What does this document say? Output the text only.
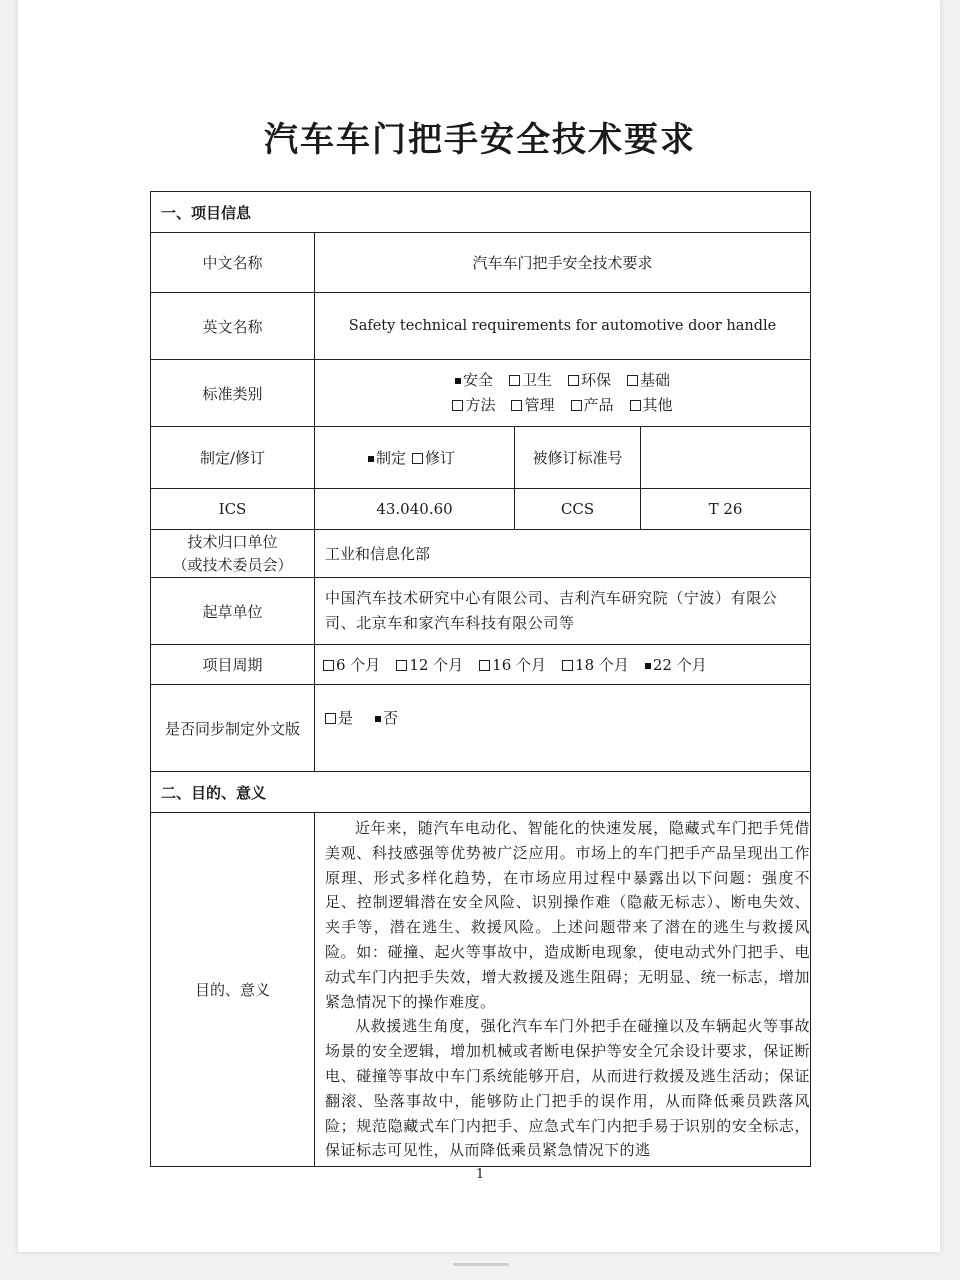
汽车车门把手安全技术要求
一、项目信息			
中文名称	汽车车门把手安全技术要求		
英文名称	Safety technical requirements for automotive door handle		
标准类别	安全 卫生 环保 基础
方法 管理 产品 其他		

制定/修订	制定 修订	被修订标准号	
ICS	43.040.60	CCS	T 26

技术归口单位
（或技术委员会）	工业和信息化部		
起草单位	中国汽车技术研究中心有限公司、吉利汽车研究院（宁波）有限公司、北京车和家汽车科技有限公司等		
项目周期	6 个月 12 个月 16 个月 18 个月 22 个月		
是否同步制定外文版	是 否		
二、目的、意义			
目的、意义	近年来，随汽车电动化、智能化的快速发展，隐藏式车门把手凭借美观、科技感强等优势被广泛应用。市场上的车门把手产品呈现出工作原理、形式多样化趋势，在市场应用过程中暴露出以下问题：强度不足、控制逻辑潜在安全风险、识别操作难（隐蔽无标志）、断电失效、夹手等，潜在逃生、救援风险。上述问题带来了潜在的逃生与救援风险。如：碰撞、起火等事故中，造成断电现象，使电动式外门把手、电动式车门内把手失效，增大救援及逃生阻碍；无明显、统一标志，增加紧急情况下的操作难度。

从救援逃生角度，强化汽车车门外把手在碰撞以及车辆起火等事故场景的安全逻辑，增加机械或者断电保护等安全冗余设计要求，保证断电、碰撞等事故中车门系统能够开启，从而进行救援及逃生活动；保证翻滚、坠落事故中，能够防止门把手的误作用，从而降低乘员跌落风险；规范隐藏式车门内把手、应急式车门内把手易于识别的安全标志，保证标志可见性，从而降低乘员紧急情况下的逃		

1
